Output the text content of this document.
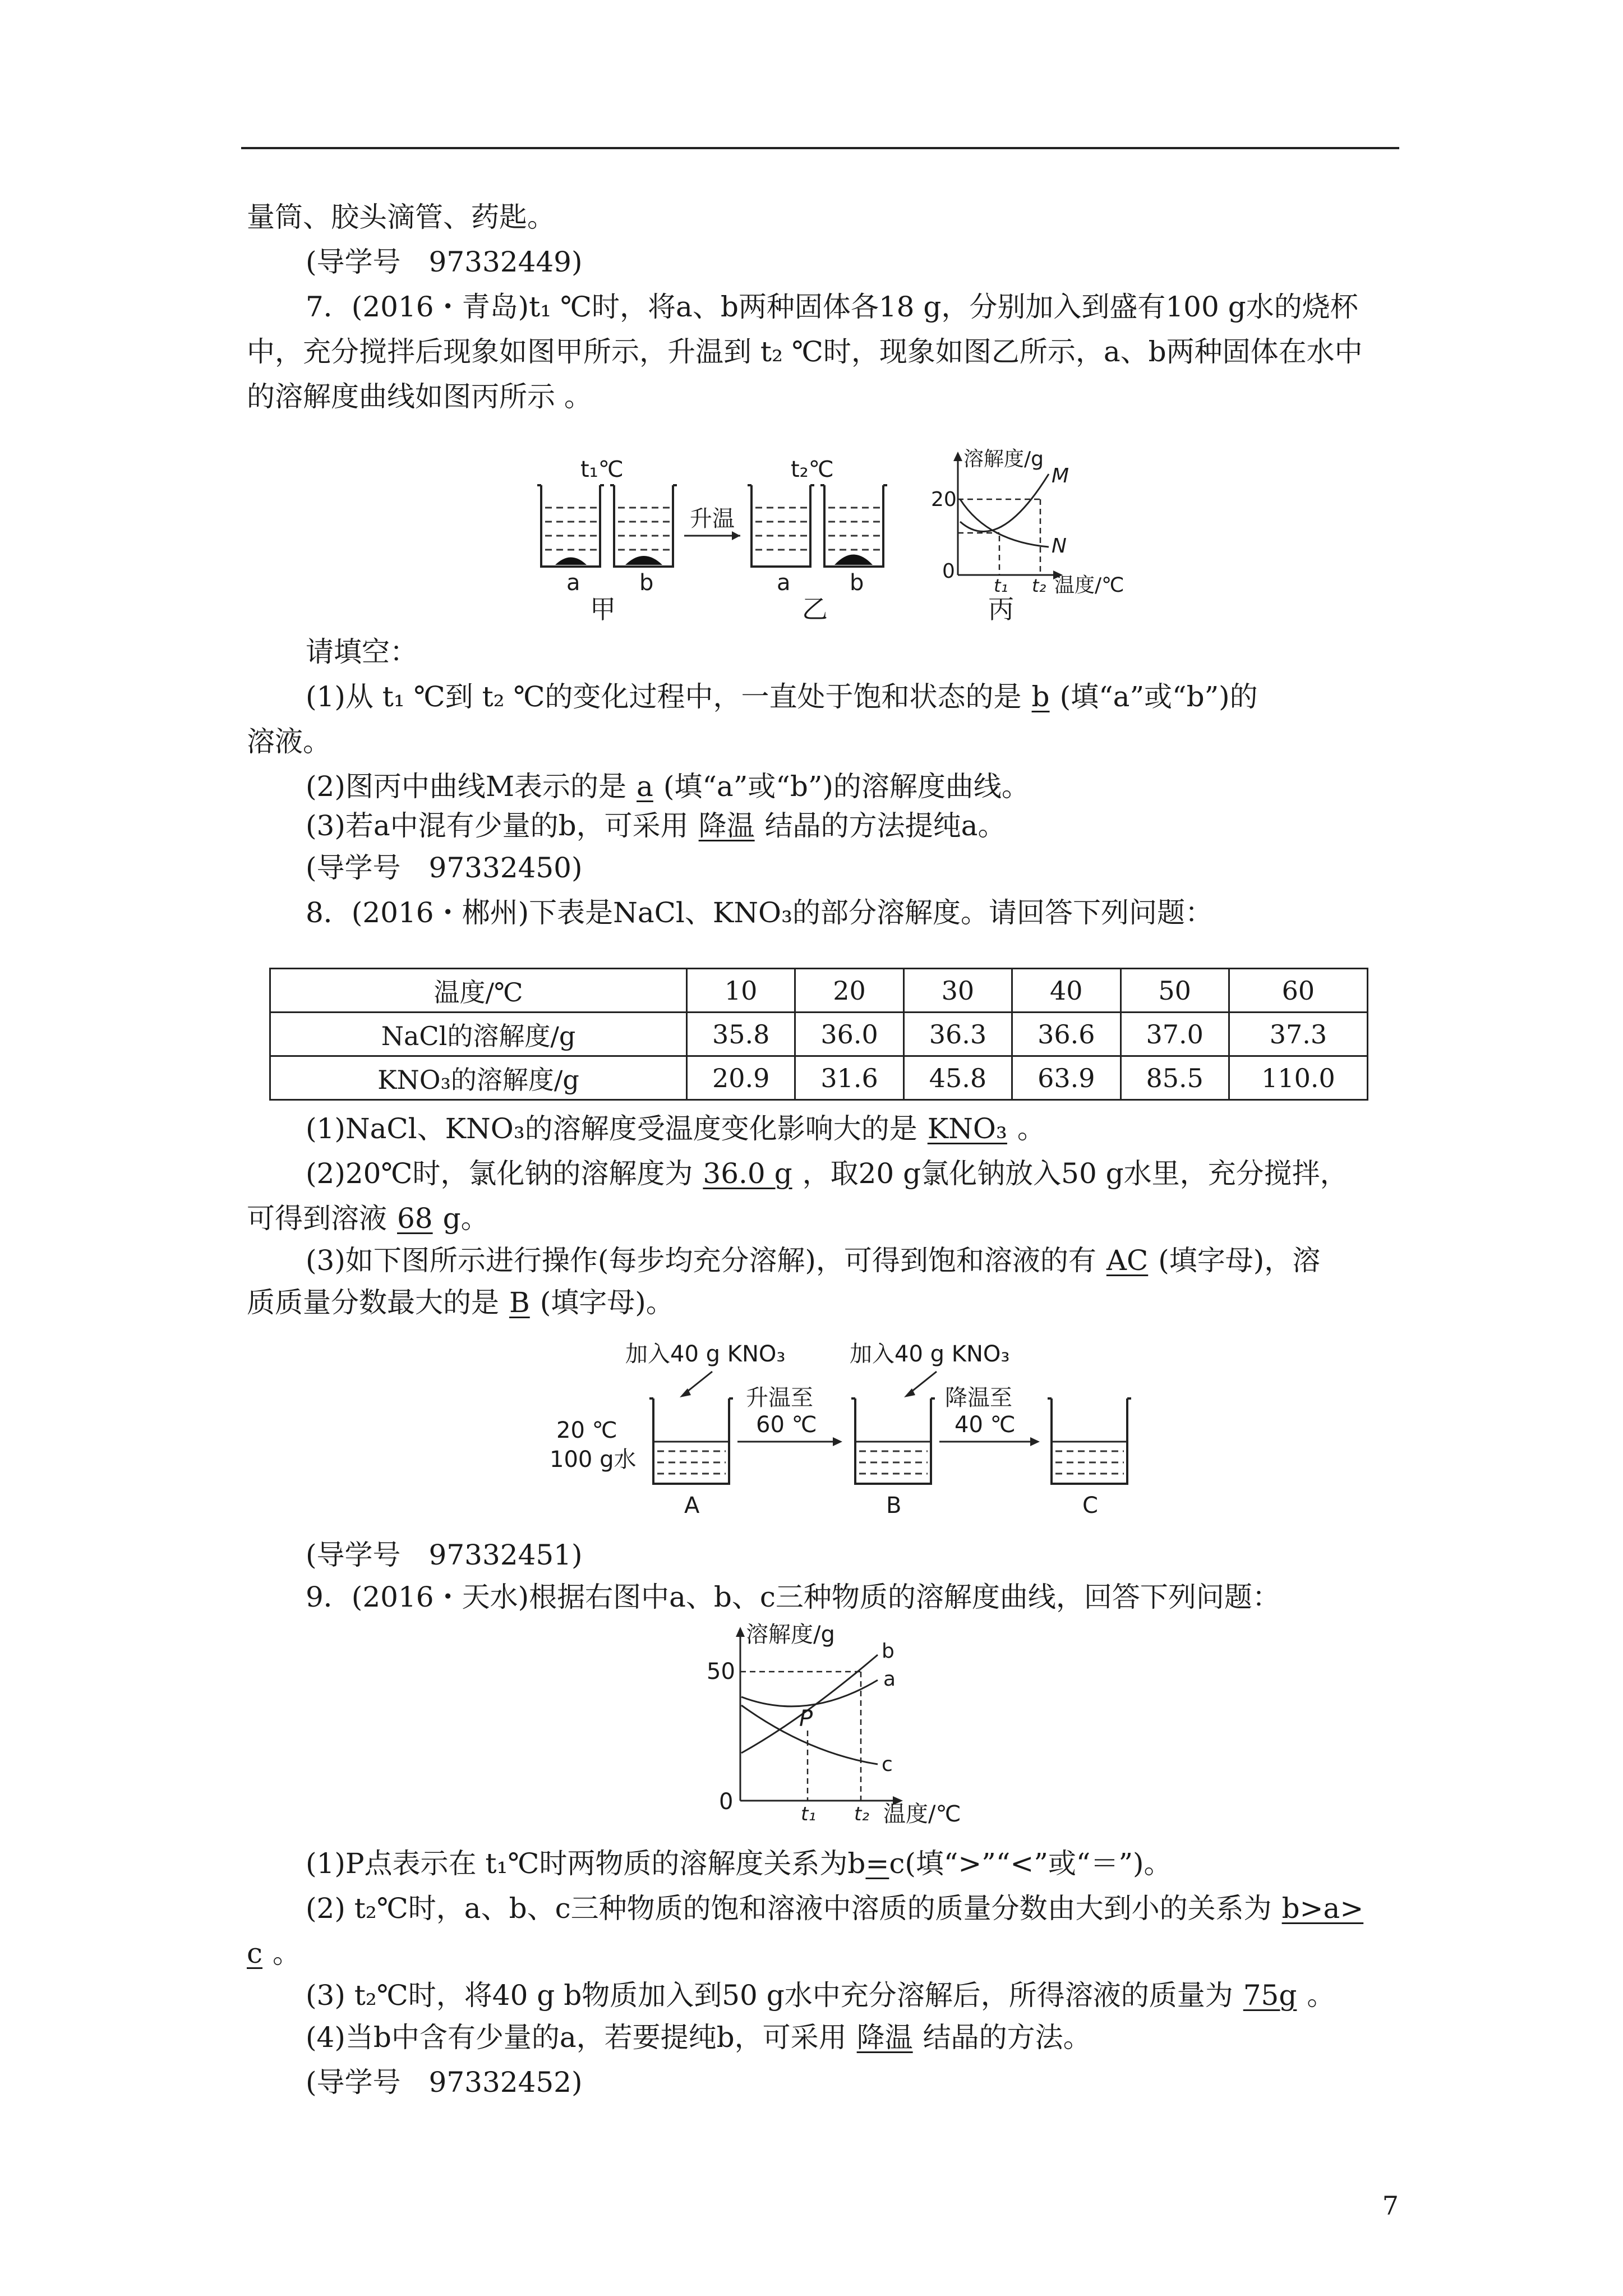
量筒、胶头滴管、药匙。
(导学号　97332449)
7．(2016・青岛)t₁ ℃时，将a、b两种固体各18 g，分别加入到盛有100 g水的烧杯
中，充分搅拌后现象如图甲所示，升温到 t₂ ℃时，现象如图乙所示，a、b两种固体在水中
的溶解度曲线如图丙所示 。
t₁℃
升温
t₂℃
a	b
甲
a	b
乙
溶解度/g
20
0
M
N
t₁ t₂ 温度/℃
丙
请填空：
(1)从 t₁ ℃到 t₂ ℃的变化过程中，一直处于饱和状态的是 b (填“a”或“b”)的
溶液。
(2)图丙中曲线M表示的是 a (填“a”或“b”)的溶解度曲线。
(3)若a中混有少量的b，可采用 降温 结晶的方法提纯a。
(导学号　97332450)
8．(2016・郴州)下表是NaCl、KNO₃的部分溶解度。请回答下列问题：
温度/℃	10	20	30	40	50	60
NaCl的溶解度/g	35.8	36.0	36.3	36.6	37.0	37.3
KNO₃的溶解度/g	20.9	31.6	45.8	63.9	85.5	110.0
(1)NaCl、KNO₃的溶解度受温度变化影响大的是 KNO₃ 。
(2)20℃时，氯化钠的溶解度为 36.0 g ，取20 g氯化钠放入50 g水里，充分搅拌，
可得到溶液 68 g。
(3)如下图所示进行操作(每步均充分溶解)，可得到饱和溶液的有 AC (填字母)，溶
质质量分数最大的是 B (填字母)。
加入40 g KNO₃	加入40 g KNO₃
升温至
60 ℃
降温至
40 ℃
20 ℃
100 g水
A	B	C
(导学号　97332451)
9．(2016・天水)根据右图中a、b、c三种物质的溶解度曲线，回答下列问题：
溶解度/g
50
0
P
b
a
c
t₁ t₂ 温度/℃
(1)P点表示在 t₁℃时两物质的溶解度关系为b=c(填“>”“<”或“＝”)。
(2) t₂℃时，a、b、c三种物质的饱和溶液中溶质的质量分数由大到小的关系为 b>a>
c 。
(3) t₂℃时，将40 g b物质加入到50 g水中充分溶解后，所得溶液的质量为 75g 。
(4)当b中含有少量的a，若要提纯b，可采用 降温 结晶的方法。
(导学号　97332452)
7
